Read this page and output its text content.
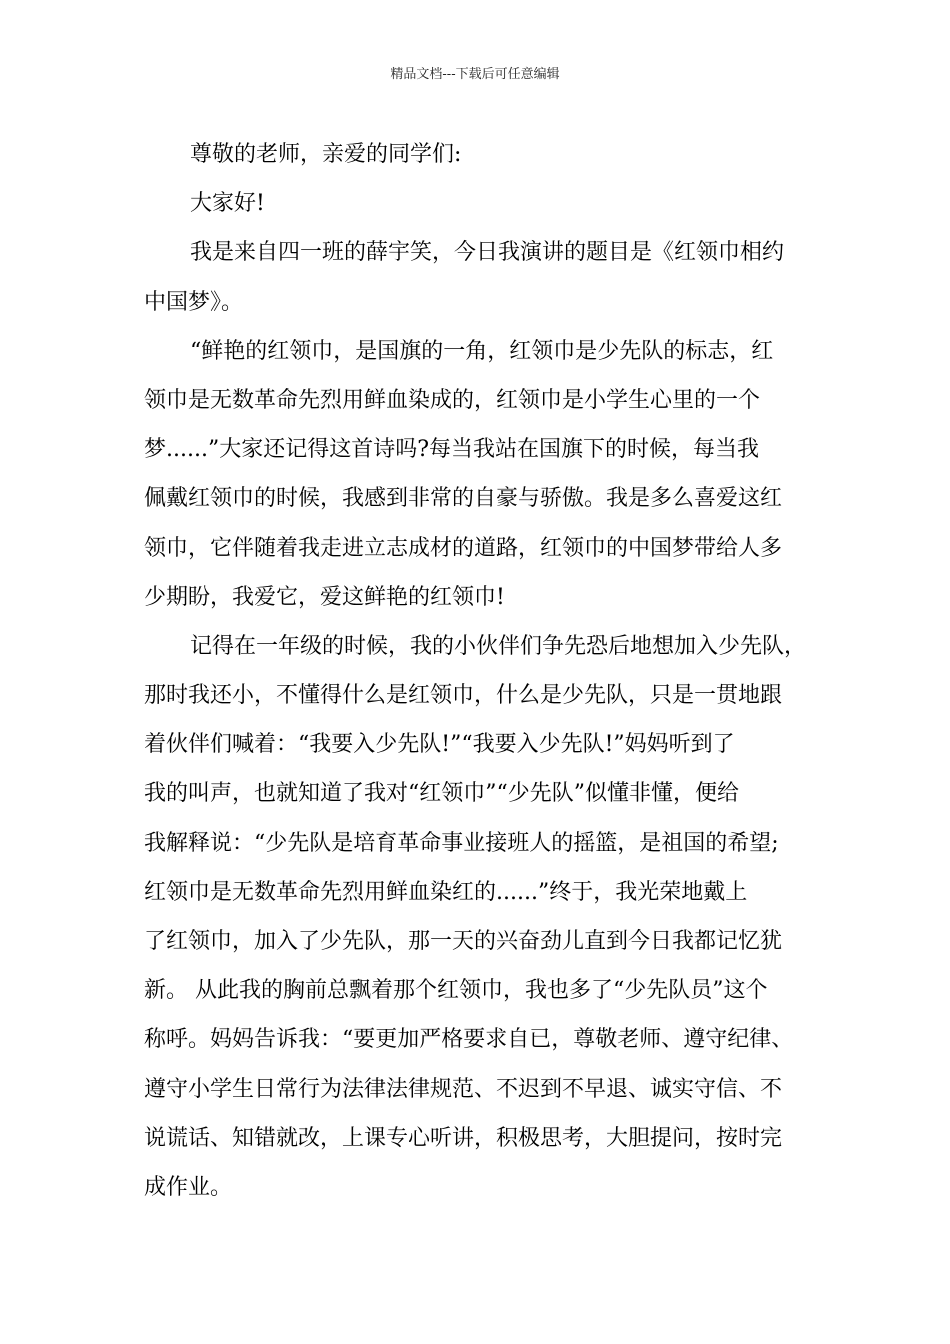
精品文档---下载后可任意编辑
尊敬的老师，亲爱的同学们:
大家好!
我是来自四一班的薛宇笑，今日我演讲的题目是《红领巾相约
中国梦》。
“鲜艳的红领巾，是国旗的一角，红领巾是少先队的标志，红
领巾是无数革命先烈用鲜血染成的，红领巾是小学生心里的一个
梦......”大家还记得这首诗吗?每当我站在国旗下的时候，每当我
佩戴红领巾的时候，我感到非常的自豪与骄傲。我是多么喜爱这红
领巾，它伴随着我走进立志成材的道路，红领巾的中国梦带给人多
少期盼，我爱它，爱这鲜艳的红领巾!
记得在一年级的时候，我的小伙伴们争先恐后地想加入少先队，
那时我还小，不懂得什么是红领巾，什么是少先队，只是一贯地跟
着伙伴们喊着：“我要入少先队!”“我要入少先队!”妈妈听到了
我的叫声，也就知道了我对“红领巾”“少先队”似懂非懂，便给
我解释说：“少先队是培育革命事业接班人的摇篮，是祖国的希望;
红领巾是无数革命先烈用鲜血染红的......”终于，我光荣地戴上
了红领巾，加入了少先队，那一天的兴奋劲儿直到今日我都记忆犹
新。 从此我的胸前总飘着那个红领巾，我也多了“少先队员”这个
称呼。妈妈告诉我：“要更加严格要求自已，尊敬老师、遵守纪律、
遵守小学生日常行为法律法律规范、不迟到不早退、诚实守信、不
说谎话、知错就改，上课专心听讲，积极思考，大胆提问，按时完
成作业。
